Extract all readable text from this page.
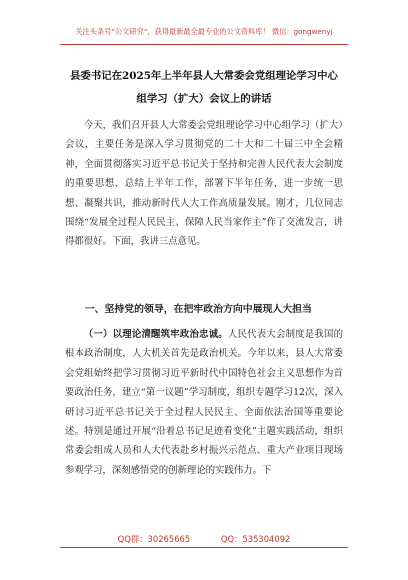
关注头条号“公文研究”，获得最新最全最专业的公文资料库！ 微信：gongwenyj
县委书记在2025年上半年县人大常委会党组理论学习中心
组学习（扩大）会议上的讲话

今天，我们召开县人大常委会党组理论学习中心组学习（扩大）会议，主要任务是深入学习贯彻党的二十大和二十届三中全会精神，全面贯彻落实习近平总书记关于坚持和完善人民代表大会制度的重要思想，总结上半年工作，部署下半年任务，进一步统一思想、凝聚共识，推动新时代人大工作高质量发展。刚才，几位同志围绕“发展全过程人民民主、保障人民当家作主”作了交流发言，讲得都很好。下面，我讲三点意见。

一、坚持党的领导，在把牢政治方向中展现人大担当

（一）以理论清醒筑牢政治忠诚。人民代表大会制度是我国的根本政治制度，人大机关首先是政治机关。今年以来，县人大常委会党组始终把学习贯彻习近平新时代中国特色社会主义思想作为首要政治任务，建立“第一议题”学习制度，组织专题学习12次，深入研讨习近平总书记关于全过程人民民主、全面依法治国等重要论述。特别是通过开展“沿着总书记足迹看变化”主题实践活动，组织常委会组成人员和人大代表赴乡村振兴示范点、重大产业项目现场参观学习，深刻感悟党的创新理论的实践伟力。下

QQ群：30265665	QQ：535304092
